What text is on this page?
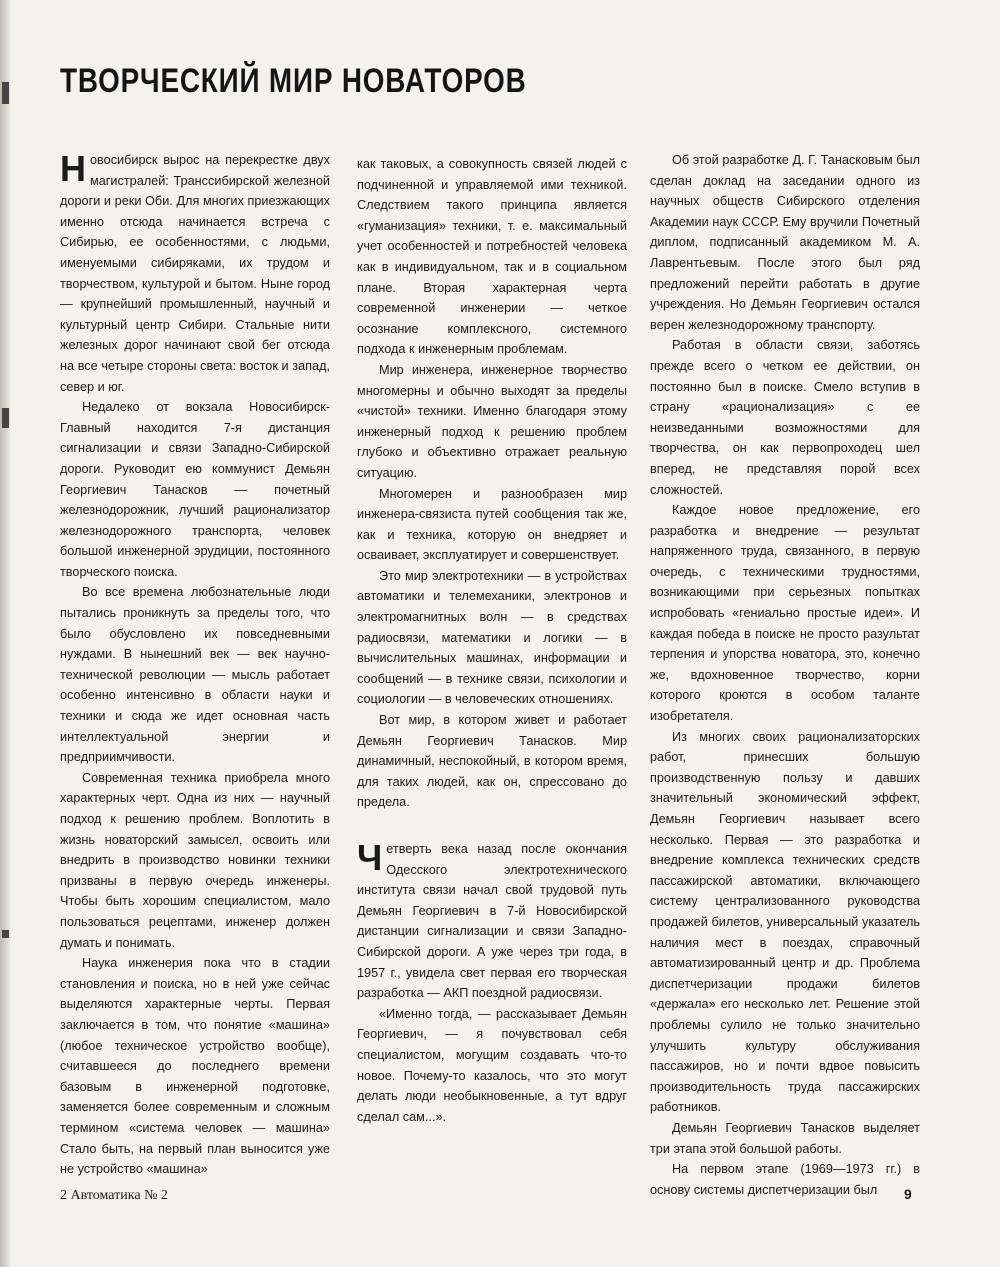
ТВОРЧЕСКИЙ МИР НОВАТОРОВ

Новосибирск вырос на перекрестке двух магистралей: Транссибирской железной дороги и реки Оби. Для многих приезжающих именно отсюда начинается встреча с Сибирью, ее особенностями, с людьми, именуемыми сибиряками, их трудом и творчеством, культурой и бытом. Ныне город — крупнейший промышленный, научный и культурный центр Сибири. Стальные нити железных дорог начинают свой бег отсюда на все четыре стороны света: восток и запад, север и юг.

Недалеко от вокзала Новосибирск-Главный находится 7-я дистанция сигнализации и связи Западно-Сибирской дороги. Руководит ею коммунист Демьян Георгиевич Танасков — почетный железнодорожник, лучший рационализатор железнодорожного транспорта, человек большой инженерной эрудиции, постоянного творческого поиска.

Во все времена любознательные люди пытались проникнуть за пределы того, что было обусловлено их повседневными нуждами. В нынешний век — век научно-технической революции — мысль работает особенно интенсивно в области науки и техники и сюда же идет основная часть интеллектуальной энергии и предприимчивости.

Современная техника приобрела много характерных черт. Одна из них — научный подход к решению проблем. Воплотить в жизнь новаторский замысел, освоить или внедрить в производство новинки техники призваны в первую очередь инженеры. Чтобы быть хорошим специалистом, мало пользоваться рецептами, инженер должен думать и понимать.

Наука инженерия пока что в стадии становления и поиска, но в ней уже сейчас выделяются характерные черты. Первая заключается в том, что понятие «машина» (любое техническое устройство вообще), считавшееся до последнего времени базовым в инженерной подготовке, заменяется более современным и сложным термином «система человек — машина» Стало быть, на первый план выносится уже не устройство «машина»

как таковых, а совокупность связей людей с подчиненной и управляемой ими техникой. Следствием такого принципа является «гуманизация» техники, т. е. максимальный учет особенностей и потребностей человека как в индивидуальном, так и в социальном плане. Вторая характерная черта современной инженерии — четкое осознание комплексного, системного подхода к инженерным проблемам.

Мир инженера, инженерное творчество многомерны и обычно выходят за пределы «чистой» техники. Именно благодаря этому инженерный подход к решению проблем глубоко и объективно отражает реальную ситуацию.

Многомерен и разнообразен мир инженера-связиста путей сообщения так же, как и техника, которую он внедряет и осваивает, эксплуатирует и совершенствует.

Это мир электротехники — в устройствах автоматики и телемеханики, электронов и электромагнитных волн — в средствах радиосвязи, математики и логики — в вычислительных машинах, информации и сообщений — в технике связи, психологии и социологии — в человеческих отношениях.

Вот мир, в котором живет и работает Демьян Георгиевич Танасков. Мир динамичный, неспокойный, в котором время, для таких людей, как он, спрессовано до предела.

Четверть века назад после окончания Одесского электротехнического института связи начал свой трудовой путь Демьян Георгиевич в 7-й Новосибирской дистанции сигнализации и связи Западно-Сибирской дороги. А уже через три года, в 1957 г., увидела свет первая его творческая разработка — АКП поездной радиосвязи.

«Именно тогда, — рассказывает Демьян Георгиевич, — я почувствовал себя специалистом, могущим создавать что-то новое. Почему-то казалось, что это могут делать люди необыкновенные, а тут вдруг сделал сам...».

Об этой разработке Д. Г. Танасковым был сделан доклад на заседании одного из научных обществ Сибирского отделения Академии наук СССР. Ему вручили Почетный диплом, подписанный академиком М. А. Лаврентьевым. После этого был ряд предложений перейти работать в другие учреждения. Но Демьян Георгиевич остался верен железнодорожному транспорту.

Работая в области связи, заботясь прежде всего о четком ее действии, он постоянно был в поиске. Смело вступив в страну «рационализация» с ее неизведанными возможностями для творчества, он как первопроходец шел вперед, не представляя порой всех сложностей.

Каждое новое предложение, его разработка и внедрение — результат напряженного труда, связанного, в первую очередь, с техническими трудностями, возникающими при серьезных попытках испробовать «гениально простые идеи». И каждая победа в поиске не просто разультат терпения и упорства новатора, это, конечно же, вдохновенное творчество, корни которого кроются в особом таланте изобретателя.

Из многих своих рационализаторских работ, принесших большую производственную пользу и давших значительный экономический эффект, Демьян Георгиевич называет всего несколько. Первая — это разработка и внедрение комплекса технических средств пассажирской автоматики, включающего систему централизованного руководства продажей билетов, универсальный указатель наличия мест в поездах, справочный автоматизированный центр и др. Проблема диспетчеризации продажи билетов «держала» его несколько лет. Решение этой проблемы сулило не только значительно улучшить культуру обслуживания пассажиров, но и почти вдвое повысить производительность труда пассажирских работников.

Демьян Георгиевич Танасков выделяет три этапа этой большой работы.

На первом этапе (1969—1973 гг.) в основу системы диспетчеризации был

2 Автоматика № 2	9
